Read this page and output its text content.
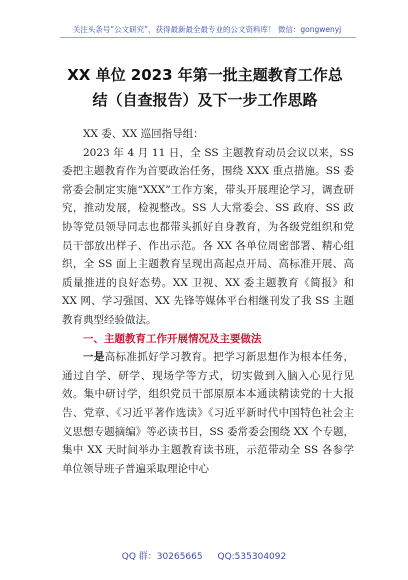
关注头条号“公文研究”，获得最新最全最专业的公文资料库！ 微信：gongwenyj
XX 单位 2023 年第一批主题教育工作总
结（自查报告）及下一步工作思路

XX 委、XX 巡回指导组：

2023 年 4 月 11 日，全 SS 主题教育动员会议以来，SS 委把主题教育作为首要政治任务，围绕 XXX 重点措施。SS 委常委会制定实施“XXX”工作方案，带头开展理论学习，调查研究，推动发展，检视整改。SS 人大常委会、SS 政府、SS 政协等党员领导同志也都带头抓好自身教育，为各级党组织和党员干部放出样子、作出示范。各 XX 各单位周密部署、精心组织，全 SS 面上主题教育呈现出高起点开局、高标准开展、高质量推进的良好态势。XX 卫视、XX 委主题教育《简报》和 XX 网、学习强国、XX 先锋等媒体平台相继刊发了我 SS 主题教育典型经验做法。

一、主题教育工作开展情况及主要做法

一是高标准抓好学习教育。把学习新思想作为根本任务，通过自学、研学、现场学等方式，切实做到入脑入心见行见效。集中研讨学，组织党员干部原原本本通读精读党的十大报告、党章、《习近平著作选读》《习近平新时代中国特色社会主义思想专题摘编》等必读书目，SS 委常委会围绕 XX 个专题，集中 XX 天时间举办主题教育读书班，示范带动全 SS 各参学单位领导班子普遍采取理论中心

QQ 群：30265665 QQ:535304092
